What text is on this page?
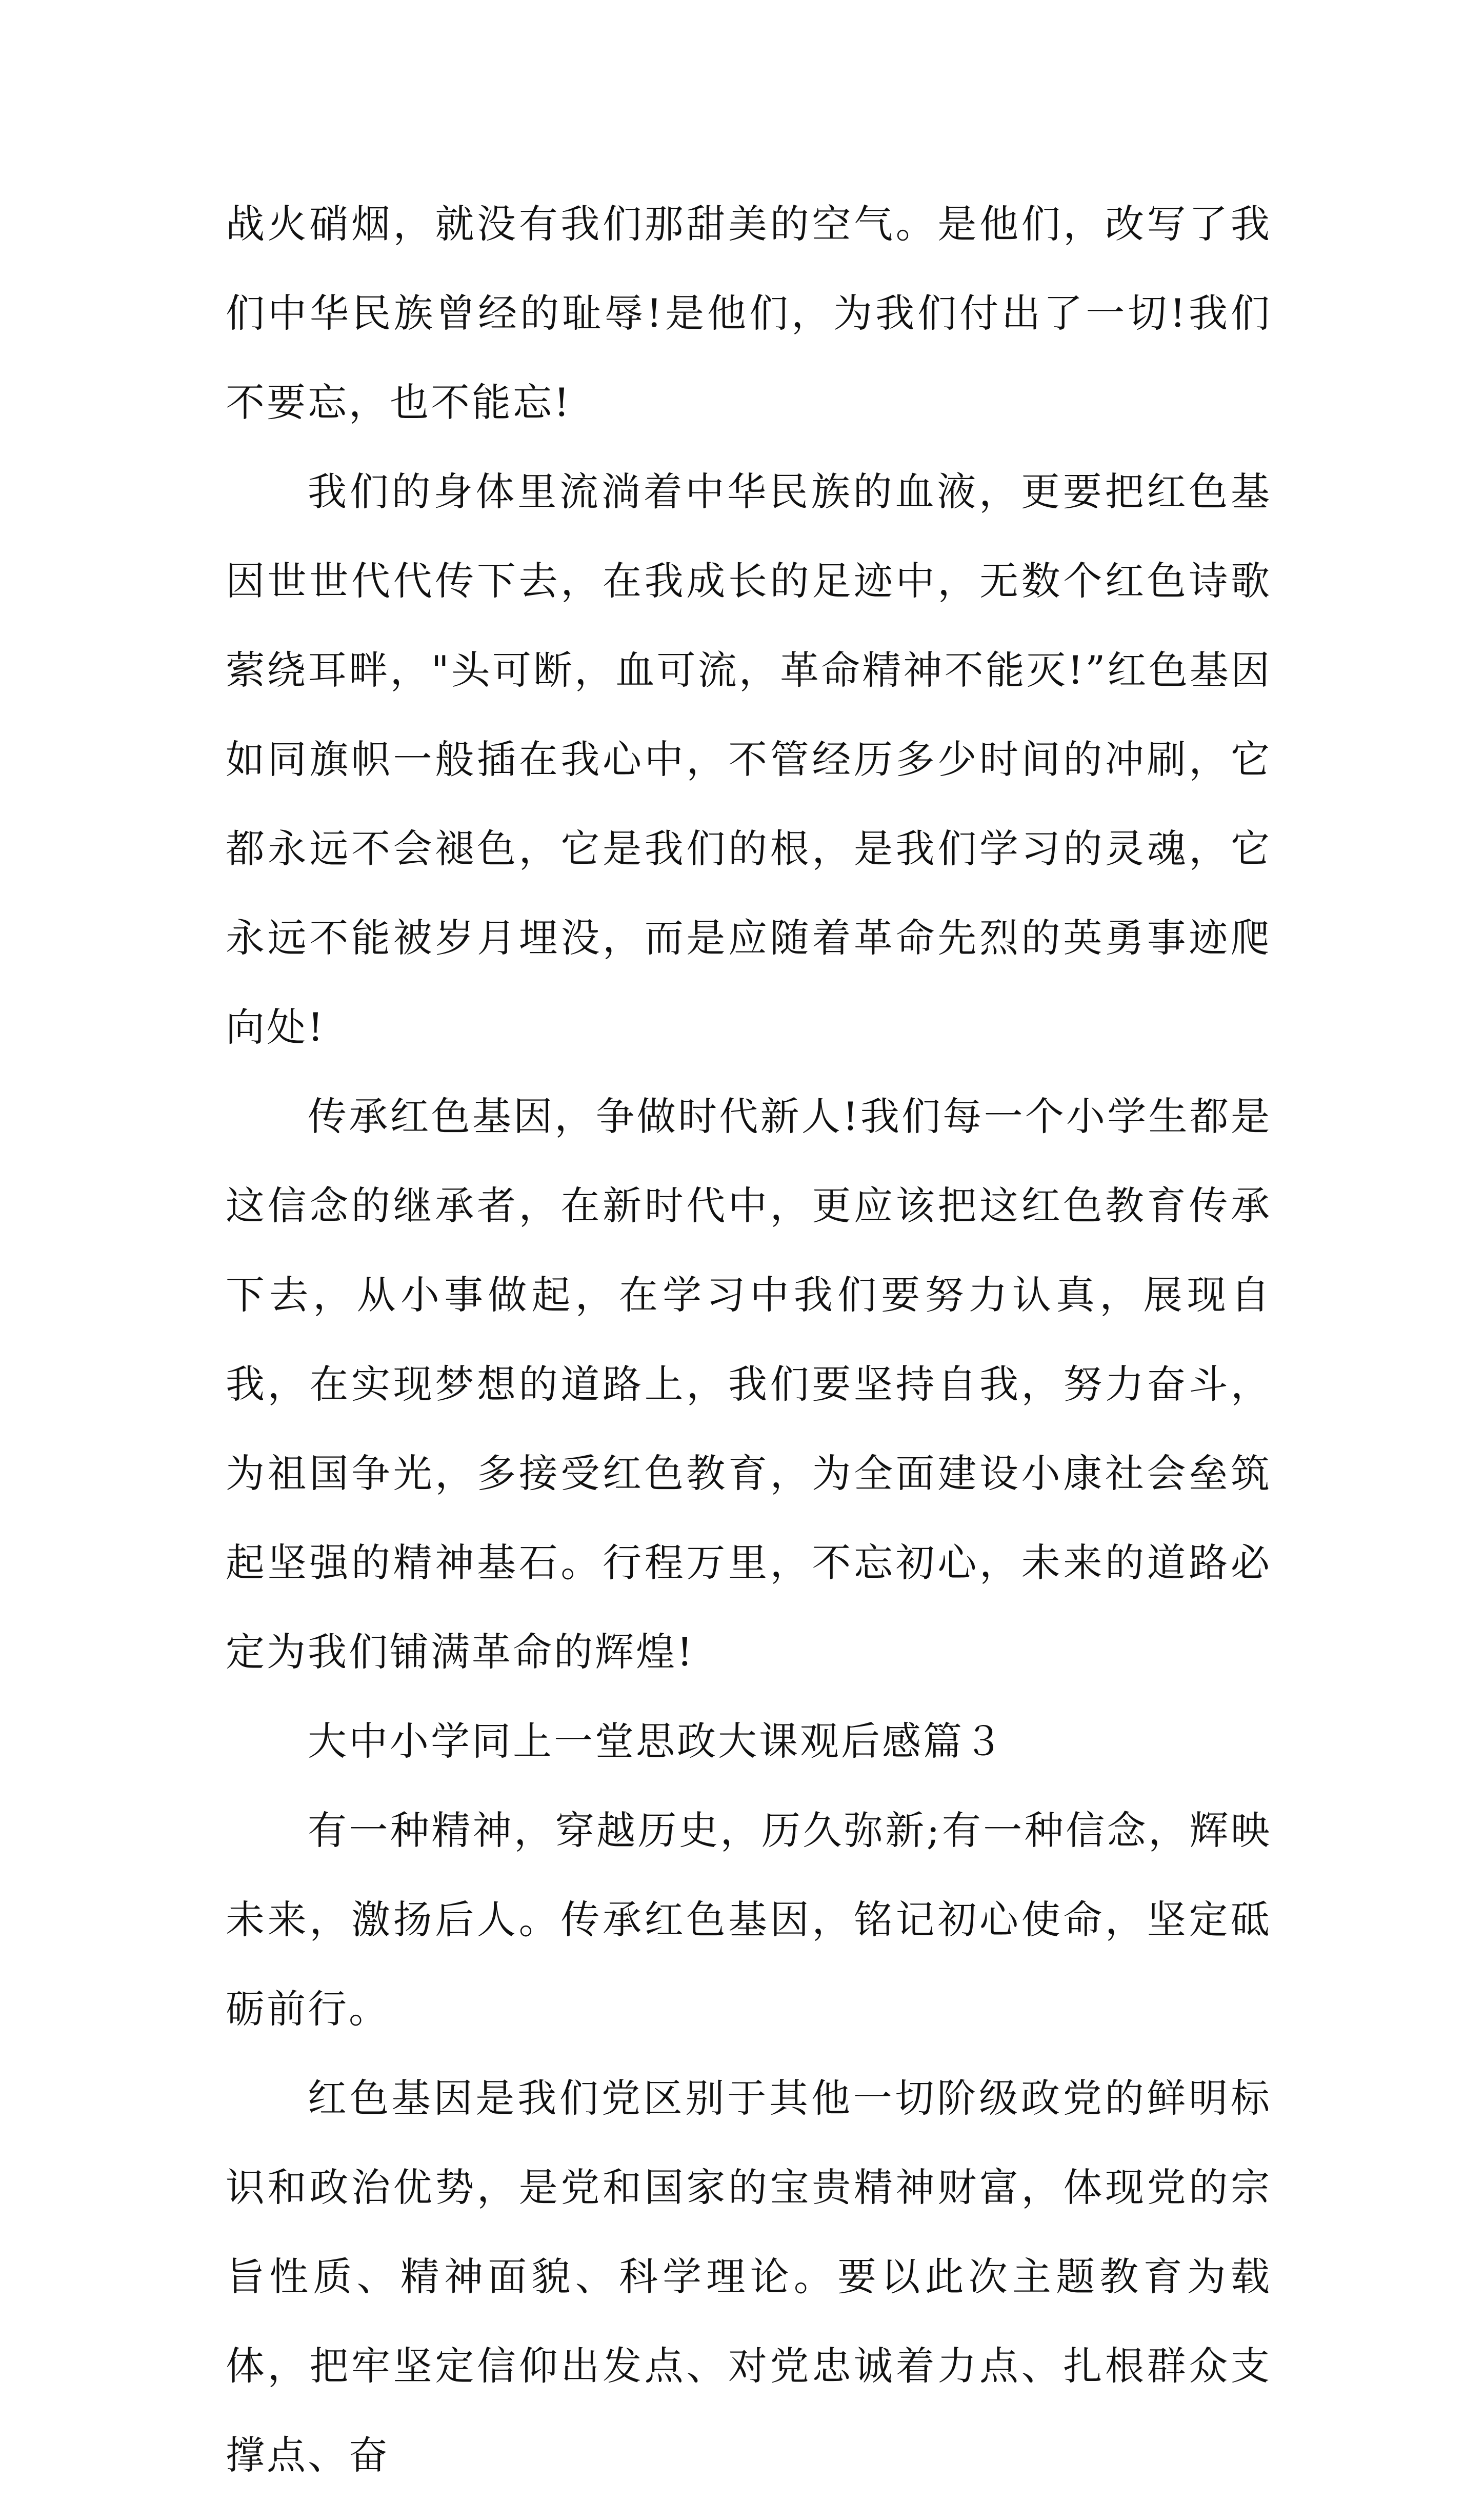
战火硝烟，就没有我们那甜美的空气。是他们，改写了我们中华民族曾经的耻辱!是他们，为我们付出了一切!我们不要忘，也不能忘!

我们的身体里流淌着中华民族的血液，更要把红色基因世世代代传下去，在我成长的足迹中，无数个红色诗歌萦绕耳畔，"头可断，血可流，革命精神不能灭!”红色基因如同旗帜一般插在我心中，不管经历多少时间的冲刷，它都永远不会褪色，它是我们的根，是我们学习的灵魂，它永远不能被岁月埋没，而是应随着革命先烈的英勇事迹爬向处!

传承红色基因，争做时代新人!我们每一个小学生都是这信念的继承者，在新时代中，更应该把这红色教育传承下去，从小事做起，在学习中我们要努力认真，展现自我，在实现梦想的道路上，我们要坚持自我，努力奋斗，为祖国争光，多接受红色教育，为全面建设小康社会垒筑起坚强的精神基石。行程万里，不忘初心，未来的道路必定为我们铺满革命的辉煌!

大中小学同上一堂思政大课观后感篇３

有一种精神，穿越历史，历久弥新;有一种信念，辉映未来，激扬后人。传承红色基因，铭记初心使命，坚定砥砺前行。

红色基因是我们党区别于其他一切阶级政党的鲜明标识和政治优势，是党和国家的宝贵精神财富，体现党的宗旨性质、精神面貌、科学理论。要以此次主题教育为载体，把牢坚定信仰出发点、对党忠诚着力点、扎根群众支撑点、奋
